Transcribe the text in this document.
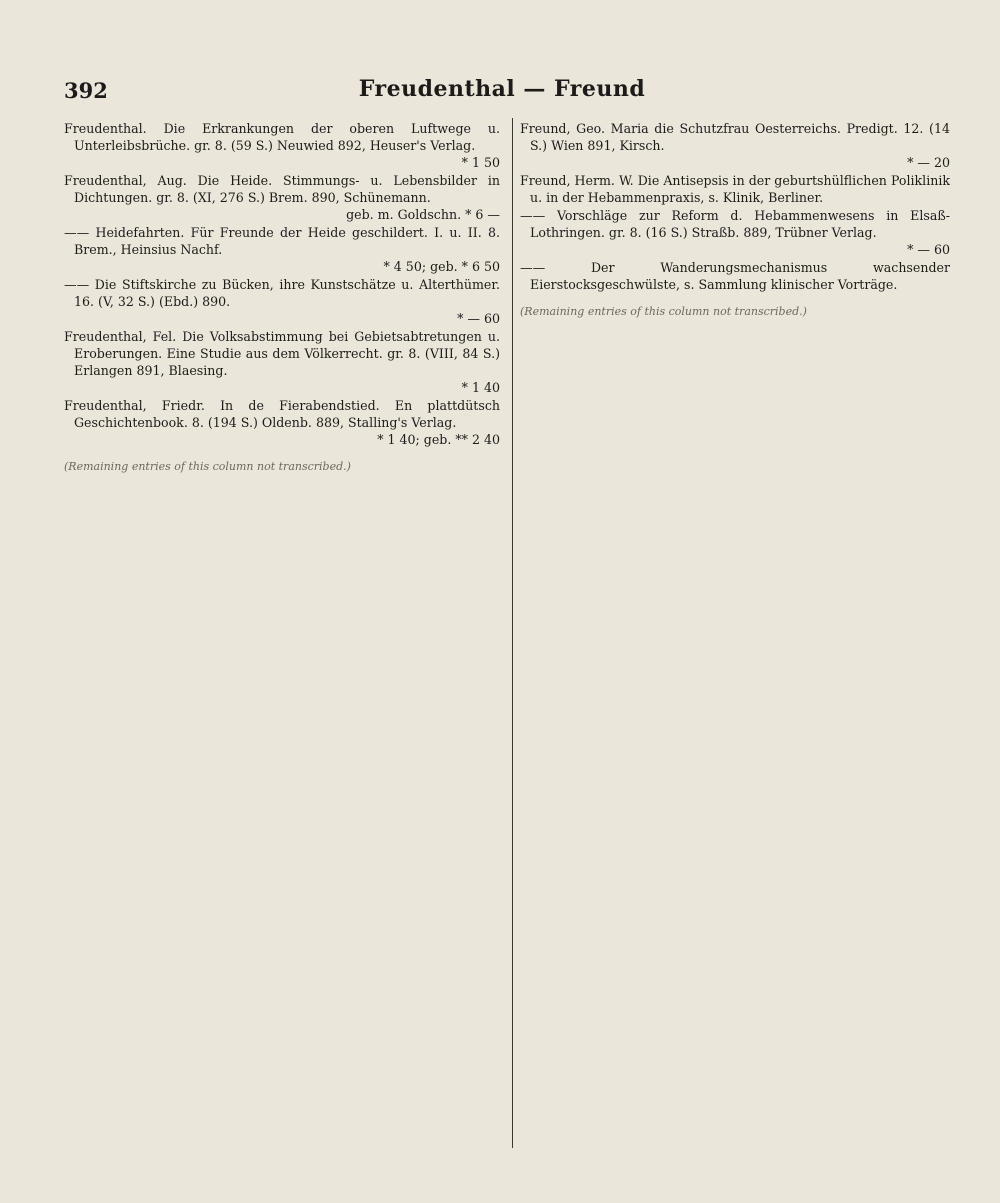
392	Freudenthal — Freund
Freudenthal. Die Erkrankungen der oberen Luftwege u. Unterleibsbrüche. gr. 8. (59 S.) Neuwied 892, Heuser's Verlag.
* 1 50
Freudenthal, Aug. Die Heide. Stimmungs- u. Lebensbilder in Dichtungen. gr. 8. (XI, 276 S.) Brem. 890, Schünemann.
geb. m. Goldschn. * 6 —
—— Heidefahrten. Für Freunde der Heide geschildert. I. u. II. 8. Brem., Heinsius Nachf.
* 4 50; geb. * 6 50
—— Die Stiftskirche zu Bücken, ihre Kunstschätze u. Alterthümer. 16. (V, 32 S.) (Ebd.) 890.
* — 60
Freudenthal, Fel. Die Volksabstimmung bei Gebietsabtretungen u. Eroberungen. Eine Studie aus dem Völkerrecht. gr. 8. (VIII, 84 S.) Erlangen 891, Blaesing.
* 1 40
Freudenthal, Friedr. In de Fierabendstied. En plattdütsch Geschichtenbook. 8. (194 S.) Oldenb. 889, Stalling's Verlag.
* 1 40; geb. ** 2 40
(Remaining entries of this column not transcribed.)
Freund, Geo. Maria die Schutzfrau Oesterreichs. Predigt. 12. (14 S.) Wien 891, Kirsch.
* — 20
Freund, Herm. W. Die Antisepsis in der geburtshülflichen Poliklinik u. in der Hebammenpraxis, s. Klinik, Berliner.
—— Vorschläge zur Reform d. Hebammenwesens in Elsaß-Lothringen. gr. 8. (16 S.) Straßb. 889, Trübner Verlag.
* — 60
—— Der Wanderungsmechanismus wachsender Eierstocksgeschwülste, s. Sammlung klinischer Vorträge.
(Remaining entries of this column not transcribed.)
